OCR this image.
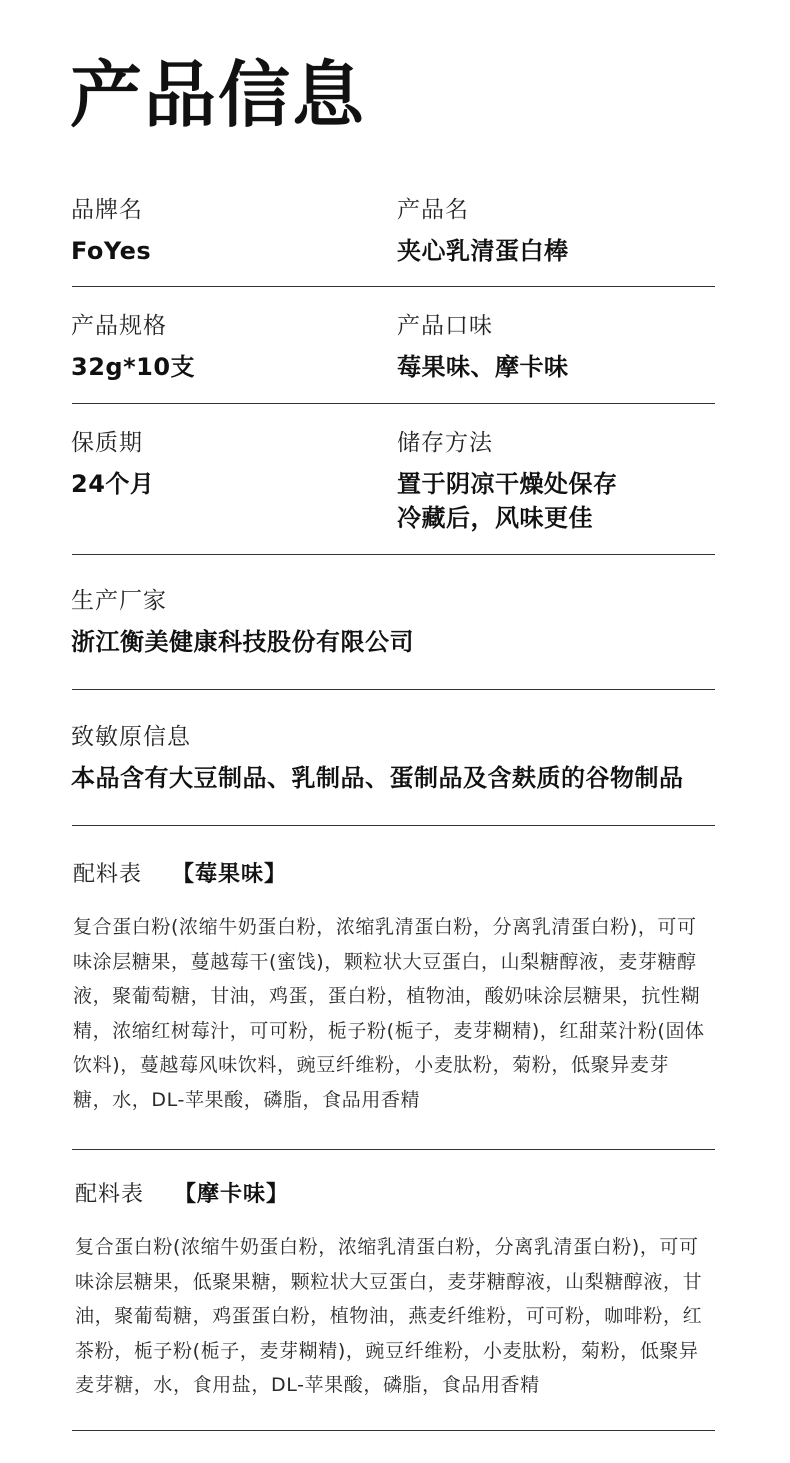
产品信息
品牌名
FoYes
产品名
夹心乳清蛋白棒
产品规格
32g*10支
产品口味
莓果味、摩卡味
保质期
24个月
储存方法
置于阴凉干燥处保存
冷藏后，风味更佳
生产厂家
浙江衡美健康科技股份有限公司
致敏原信息
本品含有大豆制品、乳制品、蛋制品及含麸质的谷物制品
配料表 【莓果味】
复合蛋白粉(浓缩牛奶蛋白粉，浓缩乳清蛋白粉，分离乳清蛋白粉)，可可
味涂层糖果，蔓越莓干(蜜饯)，颗粒状大豆蛋白，山梨糖醇液，麦芽糖醇
液，聚葡萄糖，甘油，鸡蛋，蛋白粉，植物油，酸奶味涂层糖果，抗性糊
精，浓缩红树莓汁，可可粉，栀子粉(栀子，麦芽糊精)，红甜菜汁粉(固体
饮料)，蔓越莓风味饮料，豌豆纤维粉，小麦肽粉，菊粉，低聚异麦芽
糖，水，DL-苹果酸，磷脂，食品用香精
配料表 【摩卡味】
复合蛋白粉(浓缩牛奶蛋白粉，浓缩乳清蛋白粉，分离乳清蛋白粉)，可可
味涂层糖果，低聚果糖，颗粒状大豆蛋白，麦芽糖醇液，山梨糖醇液，甘
油，聚葡萄糖，鸡蛋蛋白粉，植物油，燕麦纤维粉，可可粉，咖啡粉，红
茶粉，栀子粉(栀子，麦芽糊精)，豌豆纤维粉，小麦肽粉，菊粉，低聚异
麦芽糖，水，食用盐，DL-苹果酸，磷脂，食品用香精
